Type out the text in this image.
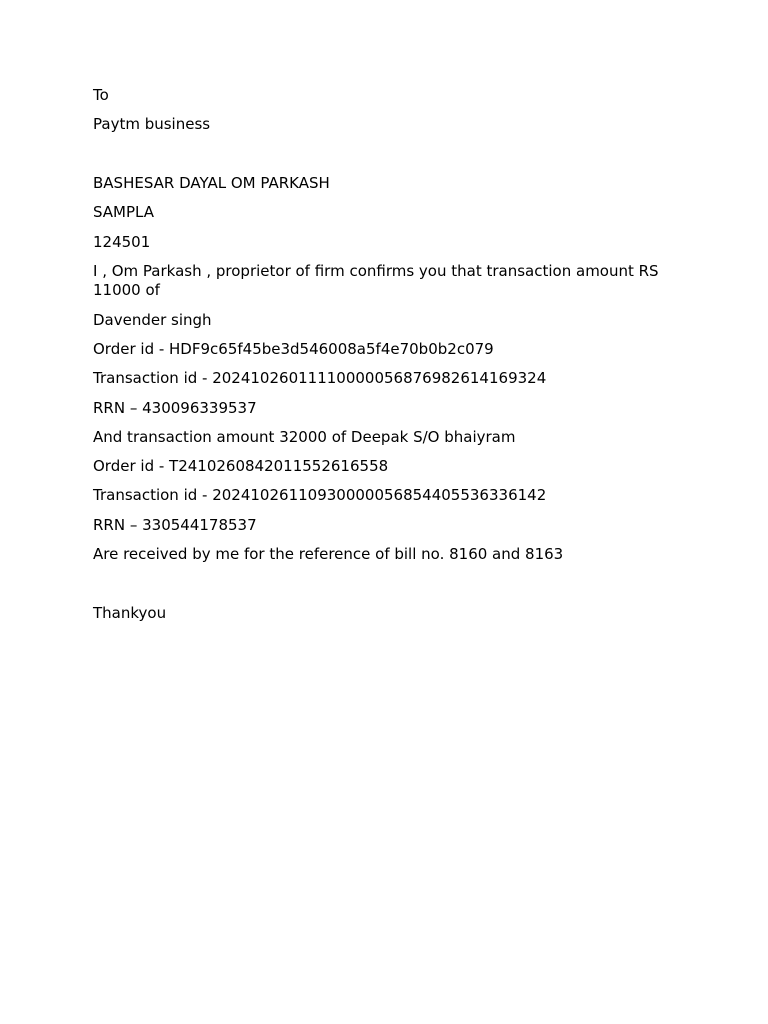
To
Paytm business
BASHESAR DAYAL OM PARKASH
SAMPLA
124501
I , Om Parkash , proprietor of firm confirms you that transaction amount RS 11000 of
Davender singh
Order id - HDF9c65f45be3d546008a5f4e70b0b2c079
Transaction id - 20241026011110000056876982614169324
RRN – 430096339537
And transaction amount 32000 of Deepak S/O bhaiyram
Order id - T2410260842011552616558
Transaction id - 20241026110930000056854405536336142
RRN – 330544178537
Are received by me for the reference of bill no. 8160 and 8163
Thankyou
